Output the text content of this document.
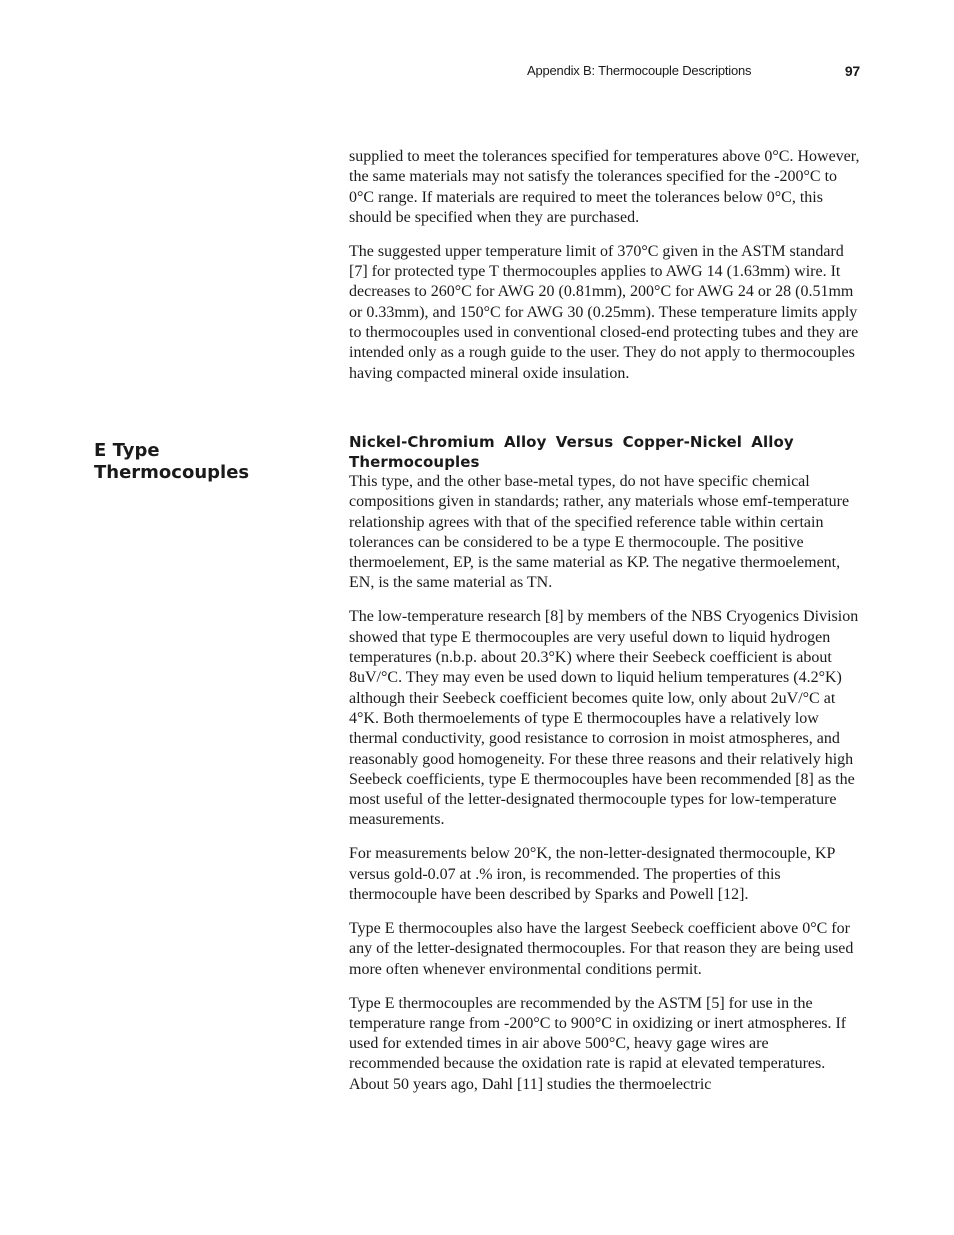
Appendix B: Thermocouple Descriptions	97
E Type
Thermocouples

supplied to meet the tolerances specified for temperatures above 0°C. However, the same materials may not satisfy the tolerances specified for the -200°C to 0°C range. If materials are required to meet the tolerances below 0°C, this should be specified when they are purchased.

The suggested upper temperature limit of 370°C given in the ASTM standard [7] for protected type T thermocouples applies to AWG 14 (1.63mm) wire. It decreases to 260°C for AWG 20 (0.81mm), 200°C for AWG 24 or 28 (0.51mm or 0.33mm), and 150°C for AWG 30 (0.25mm). These temperature limits apply to thermocouples used in conventional closed-end protecting tubes and they are intended only as a rough guide to the user. They do not apply to thermocouples having compacted mineral oxide insulation.

Nickel-Chromium Alloy Versus Copper-Nickel Alloy Thermocouples

This type, and the other base-metal types, do not have specific chemical compositions given in standards; rather, any materials whose emf-temperature relationship agrees with that of the specified reference table within certain tolerances can be considered to be a type E thermocouple. The positive thermoelement, EP, is the same material as KP. The negative thermoelement, EN, is the same material as TN.

The low-temperature research [8] by members of the NBS Cryogenics Division showed that type E thermocouples are very useful down to liquid hydrogen temperatures (n.b.p. about 20.3°K) where their Seebeck coefficient is about 8uV/°C. They may even be used down to liquid helium temperatures (4.2°K) although their Seebeck coefficient becomes quite low, only about 2uV/°C at 4°K. Both thermoelements of type E thermocouples have a relatively low thermal conductivity, good resistance to corrosion in moist atmospheres, and reasonably good homogeneity. For these three reasons and their relatively high Seebeck coefficients, type E thermocouples have been recommended [8] as the most useful of the letter-designated thermocouple types for low-temperature measurements.

For measurements below 20°K, the non-letter-designated thermocouple, KP versus gold-0.07 at .% iron, is recommended. The properties of this thermocouple have been described by Sparks and Powell [12].

Type E thermocouples also have the largest Seebeck coefficient above 0°C for any of the letter-designated thermocouples. For that reason they are being used more often whenever environmental conditions permit.

Type E thermocouples are recommended by the ASTM [5] for use in the temperature range from -200°C to 900°C in oxidizing or inert atmospheres. If used for extended times in air above 500°C, heavy gage wires are recommended because the oxidation rate is rapid at elevated temperatures. About 50 years ago, Dahl [11] studies the thermoelectric
